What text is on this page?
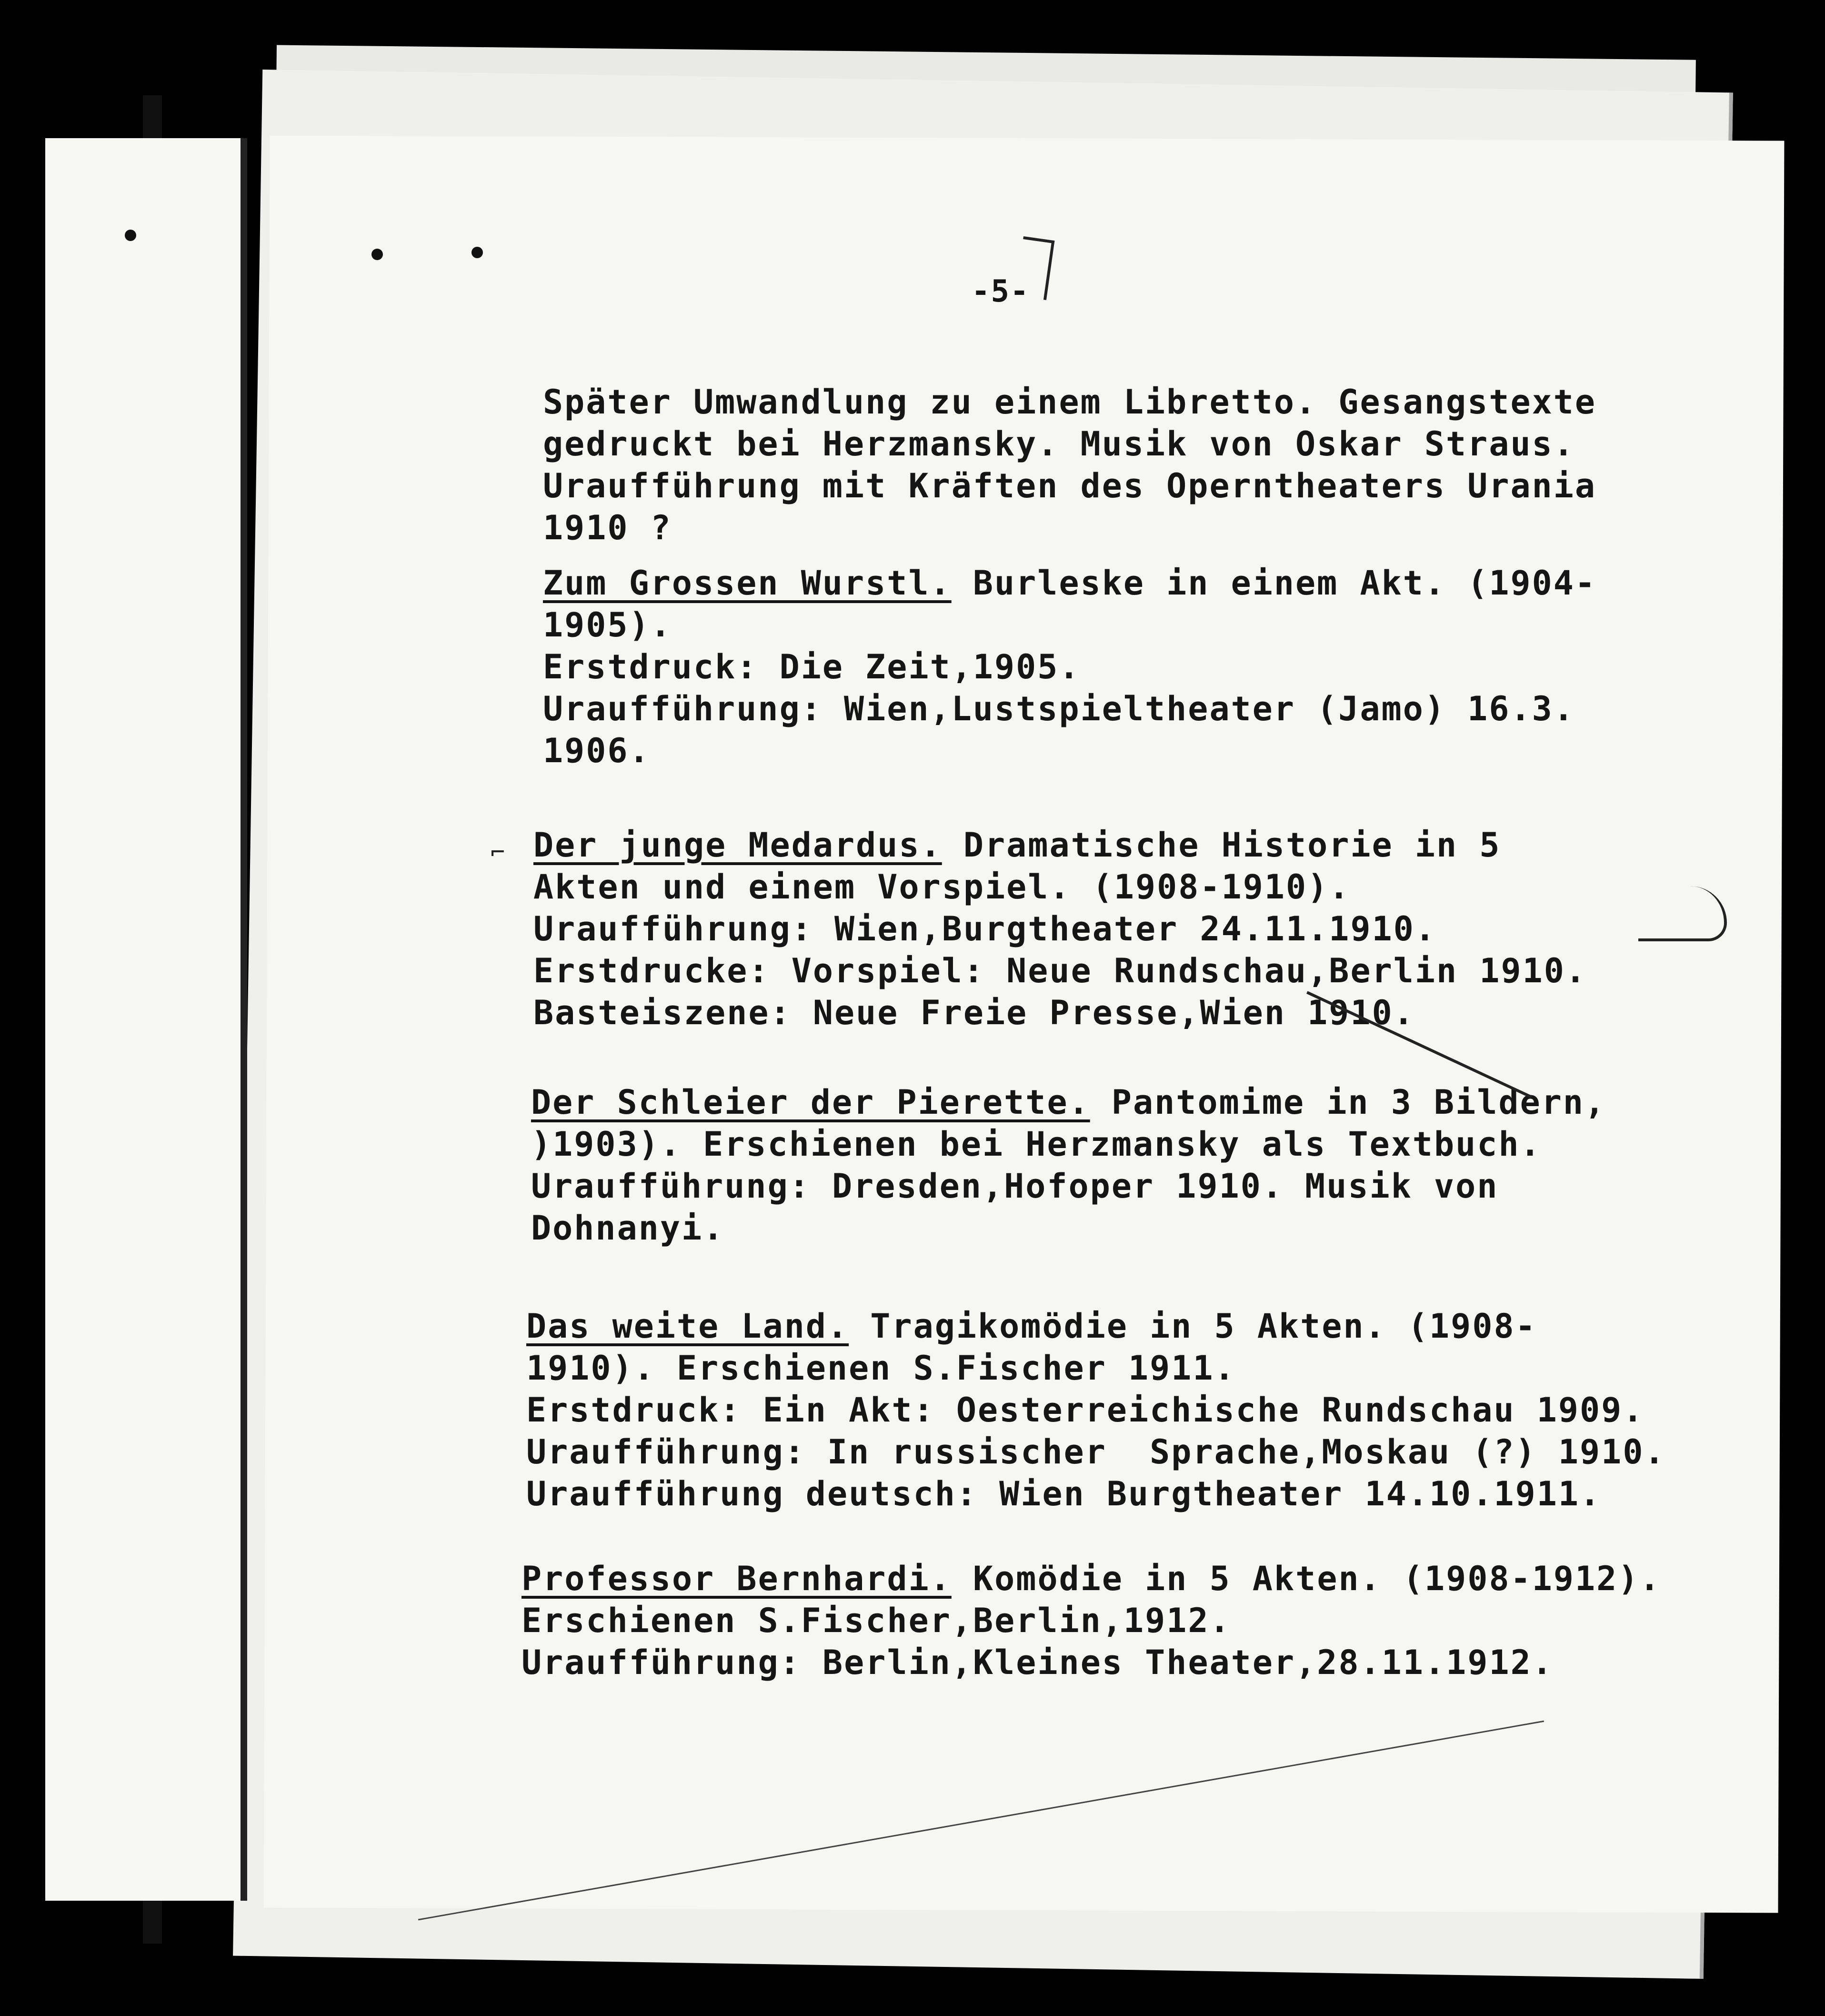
-5-
Später Umwandlung zu einem Libretto. Gesangstexte
gedruckt bei Herzmansky. Musik von Oskar Straus.
Uraufführung mit Kräften des Operntheaters Urania
1910 ?
Zum Grossen Wurstl. Burleske in einem Akt. (1904-
1905).
Erstdruck: Die Zeit,1905.
Uraufführung: Wien,Lustspieltheater (Jamo) 16.3.
1906.
⌐ Der junge Medardus. Dramatische Historie in 5
Akten und einem Vorspiel. (1908-1910).
Uraufführung: Wien,Burgtheater 24.11.1910.
Erstdrucke: Vorspiel: Neue Rundschau,Berlin 1910.
Basteiszene: Neue Freie Presse,Wien 1910.
Der Schleier der Pierette. Pantomime in 3 Bildern,
)1903). Erschienen bei Herzmansky als Textbuch.
Uraufführung: Dresden,Hofoper 1910. Musik von
Dohnanyi.
Das weite Land. Tragikomödie in 5 Akten. (1908-
1910). Erschienen S.Fischer 1911.
Erstdruck: Ein Akt: Oesterreichische Rundschau 1909.
Uraufführung: In russischer  Sprache,Moskau (?) 1910.
Uraufführung deutsch: Wien Burgtheater 14.10.1911.
Professor Bernhardi. Komödie in 5 Akten. (1908-1912).
Erschienen S.Fischer,Berlin,1912.
Uraufführung: Berlin,Kleines Theater,28.11.1912.
